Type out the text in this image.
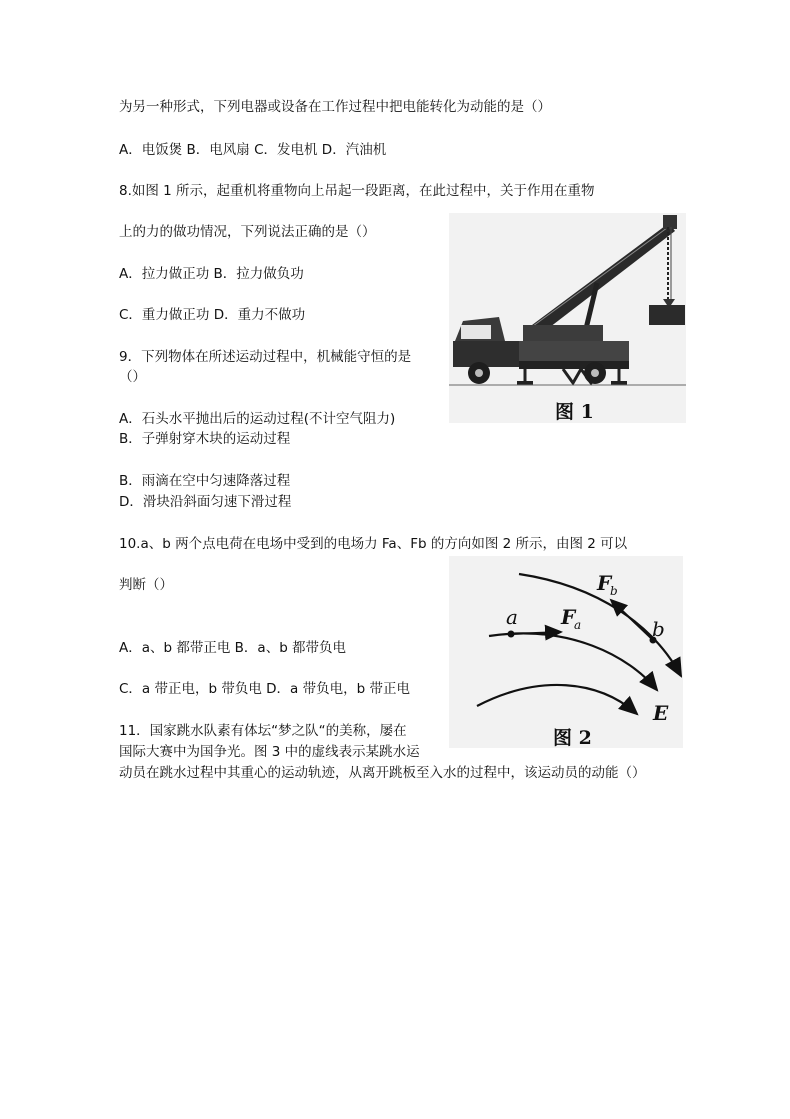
为另一种形式，下列电器或设备在工作过程中把电能转化为动能的是（）
A．电饭煲 B．电风扇 C．发电机 D．汽油机
8.如图 1 所示，起重机将重物向上吊起一段距离，在此过程中，关于作用在重物
上的力的做功情况，下列说法正确的是（）
A．拉力做正功 B．拉力做负功
C．重力做正功 D．重力不做功
9．下列物体在所述运动过程中，机械能守恒的是
（）
A．石头水平抛出后的运动过程(不计空气阻力)
B．子弹射穿木块的运动过程
B．雨滴在空中匀速降落过程
D．滑块沿斜面匀速下滑过程
10.a、b 两个点电荷在电场中受到的电场力 Fa、Fb 的方向如图 2 所示，由图 2 可以
判断（）
A．a、b 都带正电 B．a、b 都带负电
C．a 带正电，b 带负电 D．a 带负电，b 带正电
11．国家跳水队素有体坛“梦之队“的美称，屡在
国际大赛中为国争光。图 3 中的虚线表示某跳水运
动员在跳水过程中其重心的运动轨迹，从离开跳板至入水的过程中，该运动员的动能（）
图 1
a F
a	b
F
b
E
图 2
